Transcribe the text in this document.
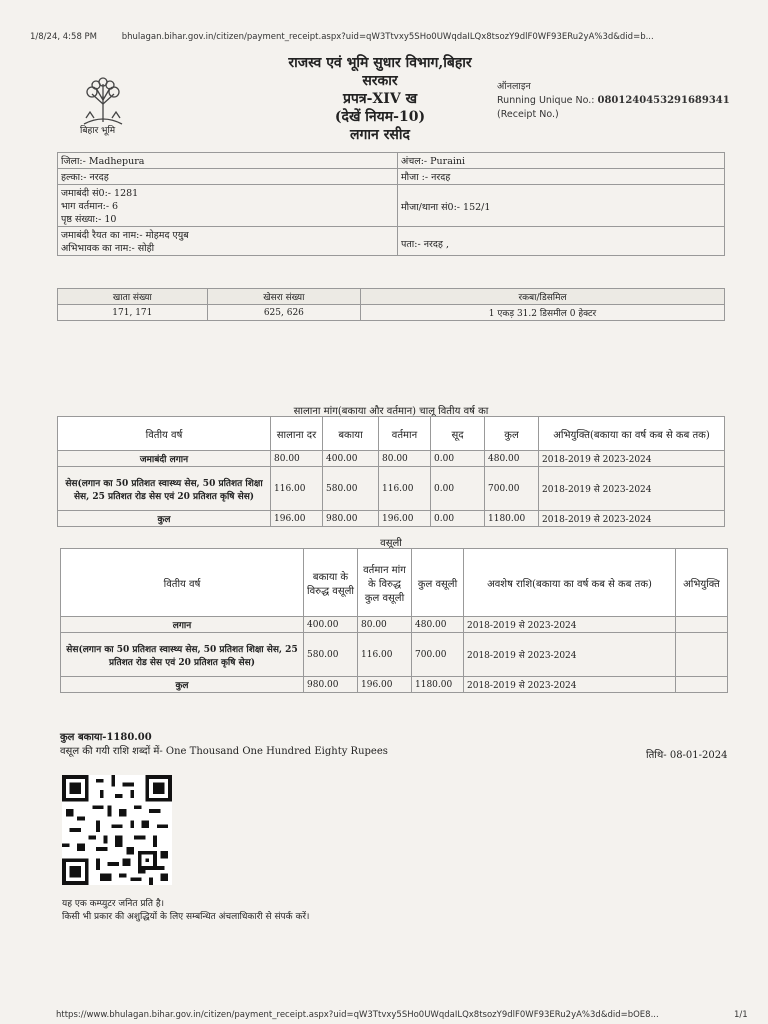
1/8/24, 4:58 PM	bhulagan.bihar.gov.in/citizen/payment_receipt.aspx?uid=qW3Ttvxy5SHo0UWqdaILQx8tsozY9dlF0WF93ERu2yA%3d&did=b...
बिहार भूमि
राजस्व एवं भूमि सुधार विभाग,बिहार
सरकार
प्रपत्र-XIV ख
(देखें नियम-10)
लगान रसीद
ऑनलाइन
Running Unique No.: 0801240453291689341
(Receipt No.)
जिला:- Madhepura	अंचल:- Puraini
हल्का:- नरदह	मौजा :- नरदह

जमाबंदी सं0:- 1281
भाग वर्तमान:- 6
पृष्ठ संख्या:- 10	मौजा/थाना सं0:- 152/1

जमाबंदी रैयत का नाम:- मोहमद एयुब
अभिभावक का नाम:- सोही	पता:- नरदह ,
खाता संख्या	खेसरा संख्या	रकबा/डिसमिल
171, 171	625, 626	1 एकड़ 31.2 डिसमील 0 हेक्टर
सालाना मांग(बकाया और वर्तमान) चालू वितीय वर्ष का
वितीय वर्ष	सालाना दर	बकाया	वर्तमान	सूद	कुल	अभियुक्ति(बकाया का वर्ष कब से कब तक)
जमाबंदी लगान	80.00	400.00	80.00	0.00	480.00	2018-2019 से 2023-2024
सेस(लगान का 50 प्रतिशत स्वास्थ्य सेस, 50 प्रतिशत शिक्षा सेस, 25 प्रतिशत रोड सेस एवं 20 प्रतिशत कृषि सेस)	116.00	580.00	116.00	0.00	700.00	2018-2019 से 2023-2024
कुल	196.00	980.00	196.00	0.00	1180.00	2018-2019 से 2023-2024
वसूली
वितीय वर्ष	बकाया के विरुद्ध वसूली	वर्तमान मांग के विरुद्ध कुल वसूली	कुल वसूली	अवशेष राशि(बकाया का वर्ष कब से कब तक)	अभियुक्ति
लगान	400.00	80.00	480.00	2018-2019 से 2023-2024	
सेस(लगान का 50 प्रतिशत स्वास्थ्य सेस, 50 प्रतिशत शिक्षा सेस, 25 प्रतिशत रोड सेस एवं 20 प्रतिशत कृषि सेस)	580.00	116.00	700.00	2018-2019 से 2023-2024	
कुल	980.00	196.00	1180.00	2018-2019 से 2023-2024	
कुल बकाया-1180.00
वसूल की गयी राशि शब्दों में- One Thousand One Hundred Eighty Rupees	तिथि- 08-01-2024
यह एक कम्प्युटर जनित प्रति है।
किसी भी प्रकार की अशुद्धियों के लिए सम्बन्धित अंचलाधिकारी से संपर्क करें।
https://www.bhulagan.bihar.gov.in/citizen/payment_receipt.aspx?uid=qW3Ttvxy5SHo0UWqdaILQx8tsozY9dlF0WF93ERu2yA%3d&did=bOE8...	1/1
